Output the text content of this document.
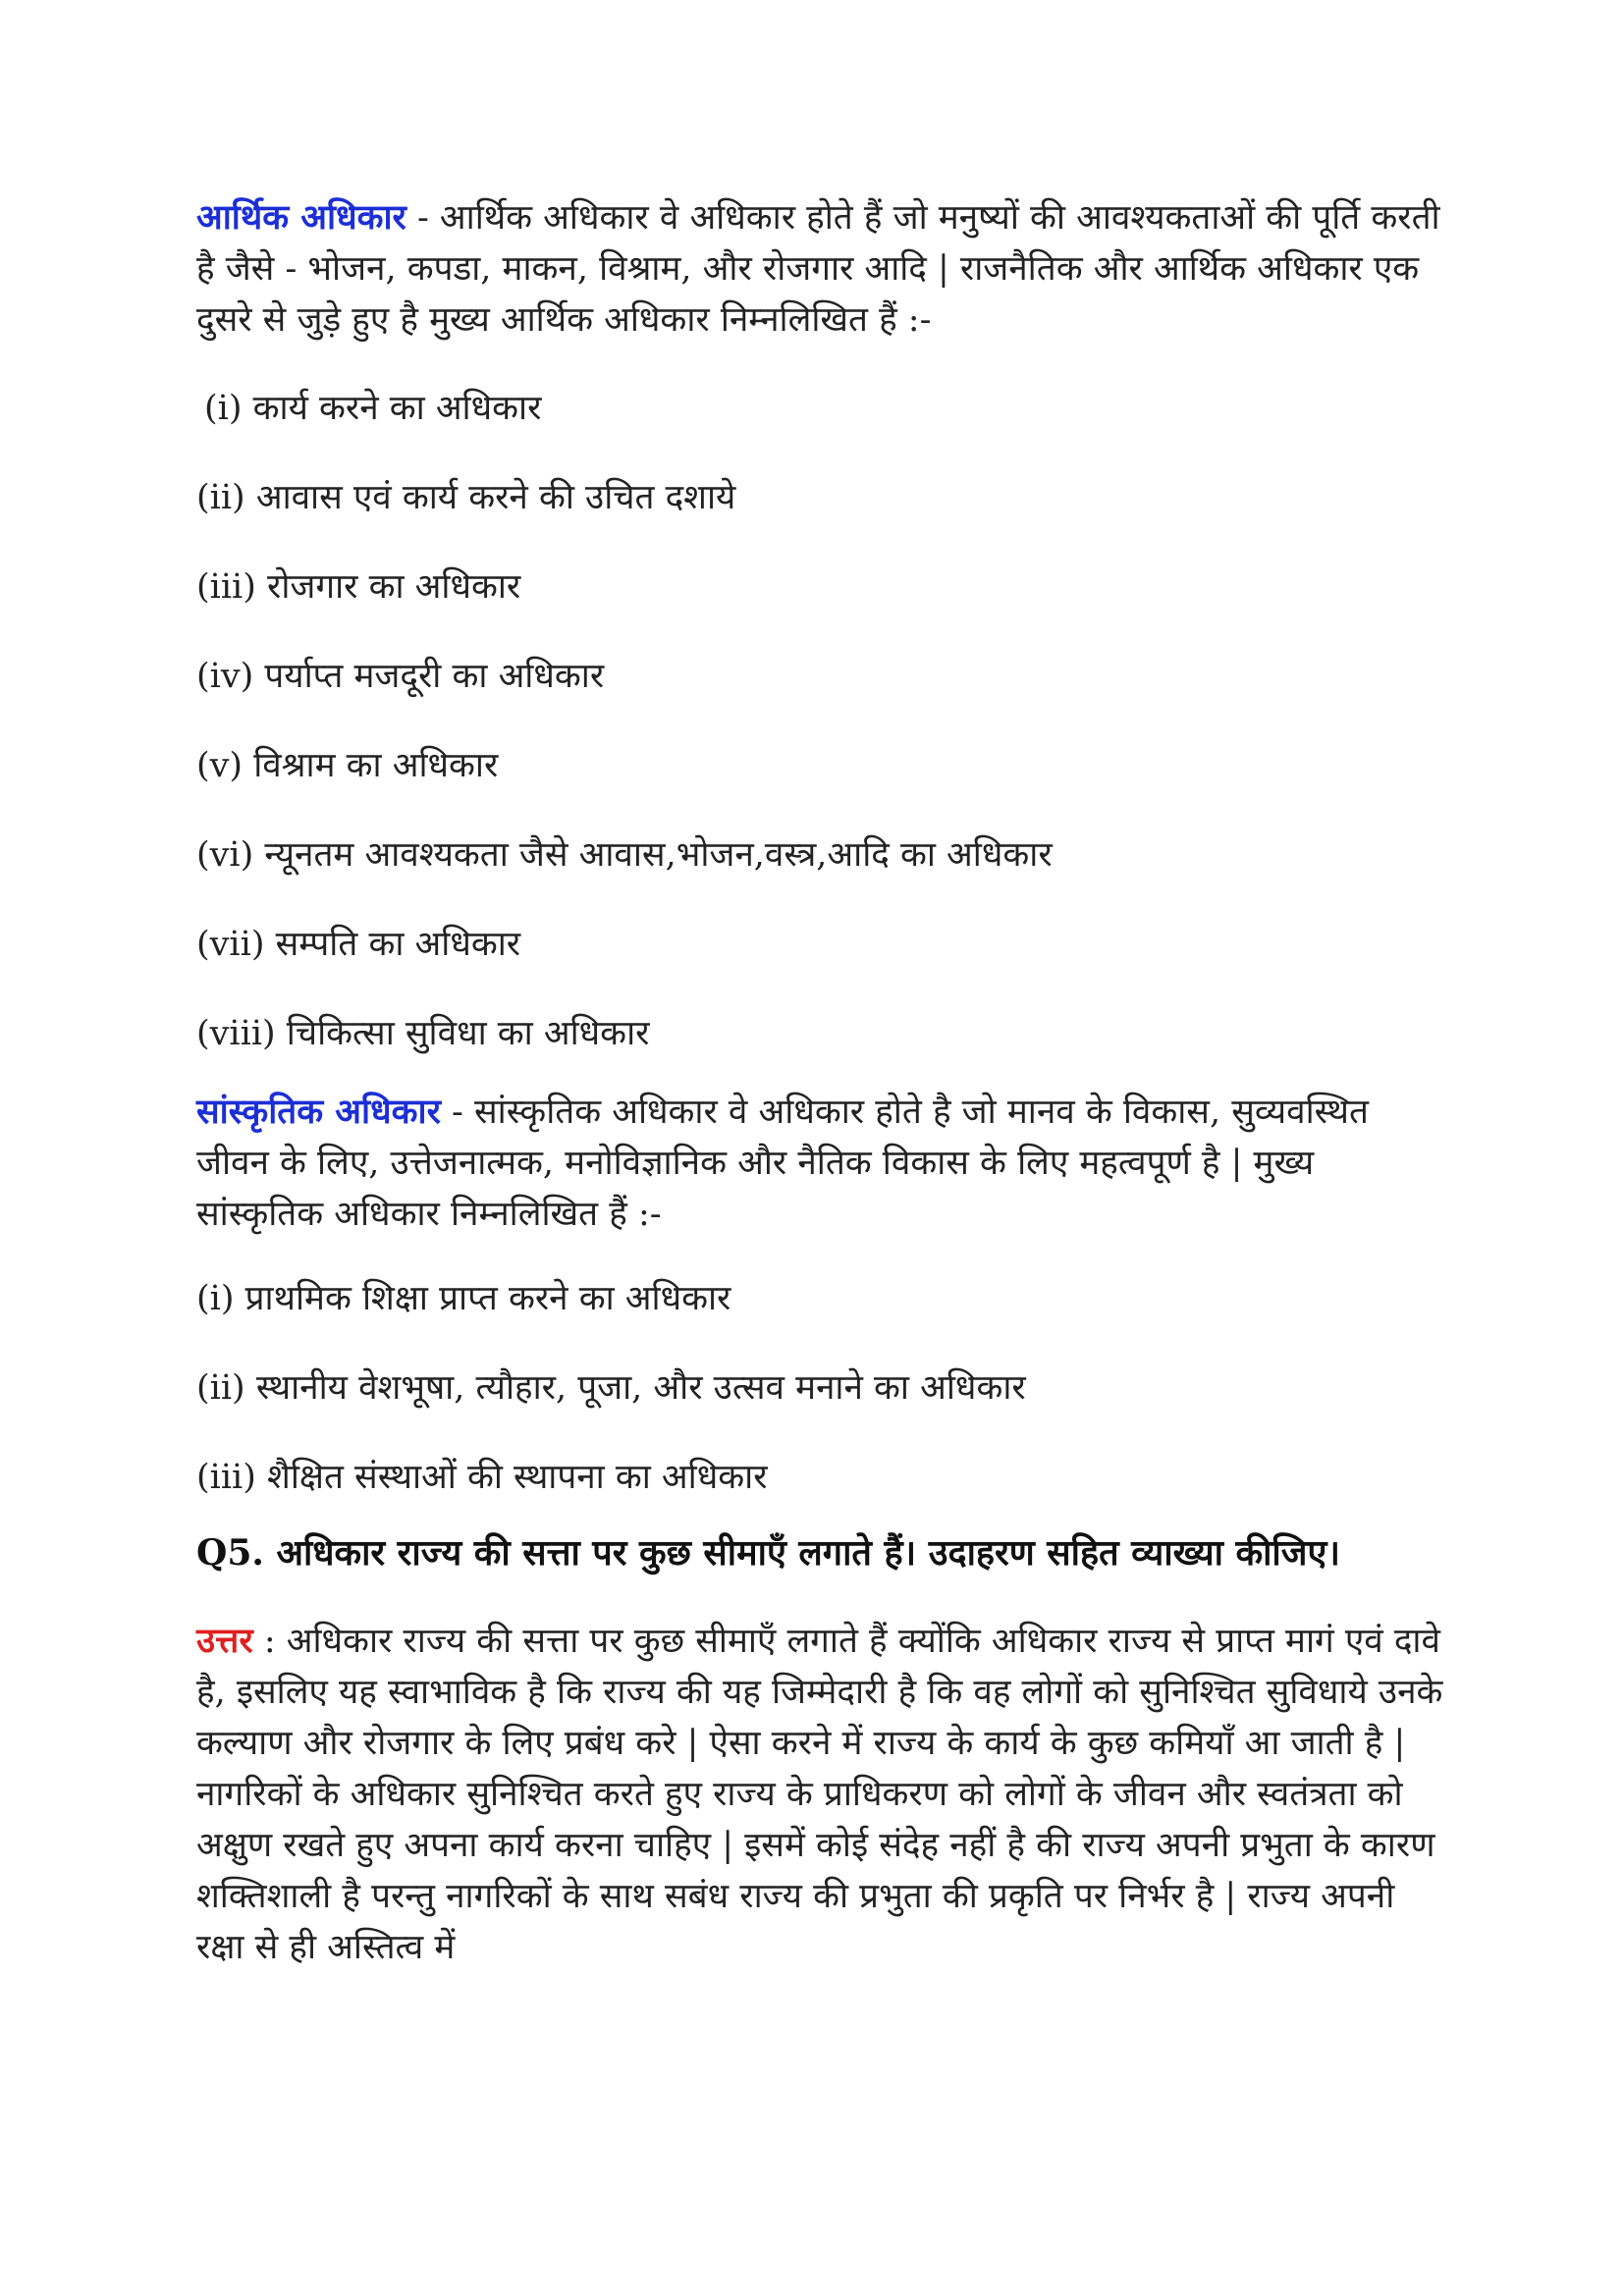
आर्थिक अधिकार - आर्थिक अधिकार वे अधिकार होते हैं जो मनुष्यों की आवश्यकताओं की पूर्ति करती है जैसे - भोजन, कपडा, माकन, विश्राम, और रोजगार आदि | राजनैतिक और आर्थिक अधिकार एक दुसरे से जुड़े हुए है मुख्य आर्थिक अधिकार निम्नलिखित हैं :-

(i) कार्य करने का अधिकार
(ii) आवास एवं कार्य करने की उचित दशाये
(iii) रोजगार का अधिकार
(iv) पर्याप्त मजदूरी का अधिकार
(v) विश्राम का अधिकार
(vi) न्यूनतम आवश्यकता जैसे आवास,भोजन,वस्त्र,आदि का अधिकार
(vii) सम्पति का अधिकार
(viii) चिकित्सा सुविधा का अधिकार

सांस्कृतिक अधिकार - सांस्कृतिक अधिकार वे अधिकार होते है जो मानव के विकास, सुव्यवस्थित जीवन के लिए, उत्तेजनात्मक, मनोविज्ञानिक और नैतिक विकास के लिए महत्वपूर्ण है | मुख्य सांस्कृतिक अधिकार निम्नलिखित हैं :-

(i) प्राथमिक शिक्षा प्राप्त करने का अधिकार
(ii) स्थानीय वेशभूषा, त्यौहार, पूजा, और उत्सव मनाने का अधिकार
(iii) शैक्षित संस्थाओं की स्थापना का अधिकार

Q5. अधिकार राज्य की सत्ता पर कुछ सीमाएँ लगाते हैं। उदाहरण सहित व्याख्या कीजिए।

उत्तर : अधिकार राज्य की सत्ता पर कुछ सीमाएँ लगाते हैं क्योंकि अधिकार राज्य से प्राप्त मागं एवं दावे है, इसलिए यह स्वाभाविक है कि राज्य की यह जिम्मेदारी है कि वह लोगों को सुनिश्चित सुविधाये उनके कल्याण और रोजगार के लिए प्रबंध करे | ऐसा करने में राज्य के कार्य के कुछ कमियाँ आ जाती है | नागरिकों के अधिकार सुनिश्चित करते हुए राज्य के प्राधिकरण को लोगों के जीवन और स्वतंत्रता को अक्षुण रखते हुए अपना कार्य करना चाहिए | इसमें कोई संदेह नहीं है की राज्य अपनी प्रभुता के कारण शक्तिशाली है परन्तु नागरिकों के साथ सबंध राज्य की प्रभुता की प्रकृति पर निर्भर है | राज्य अपनी रक्षा से ही अस्तित्व में
